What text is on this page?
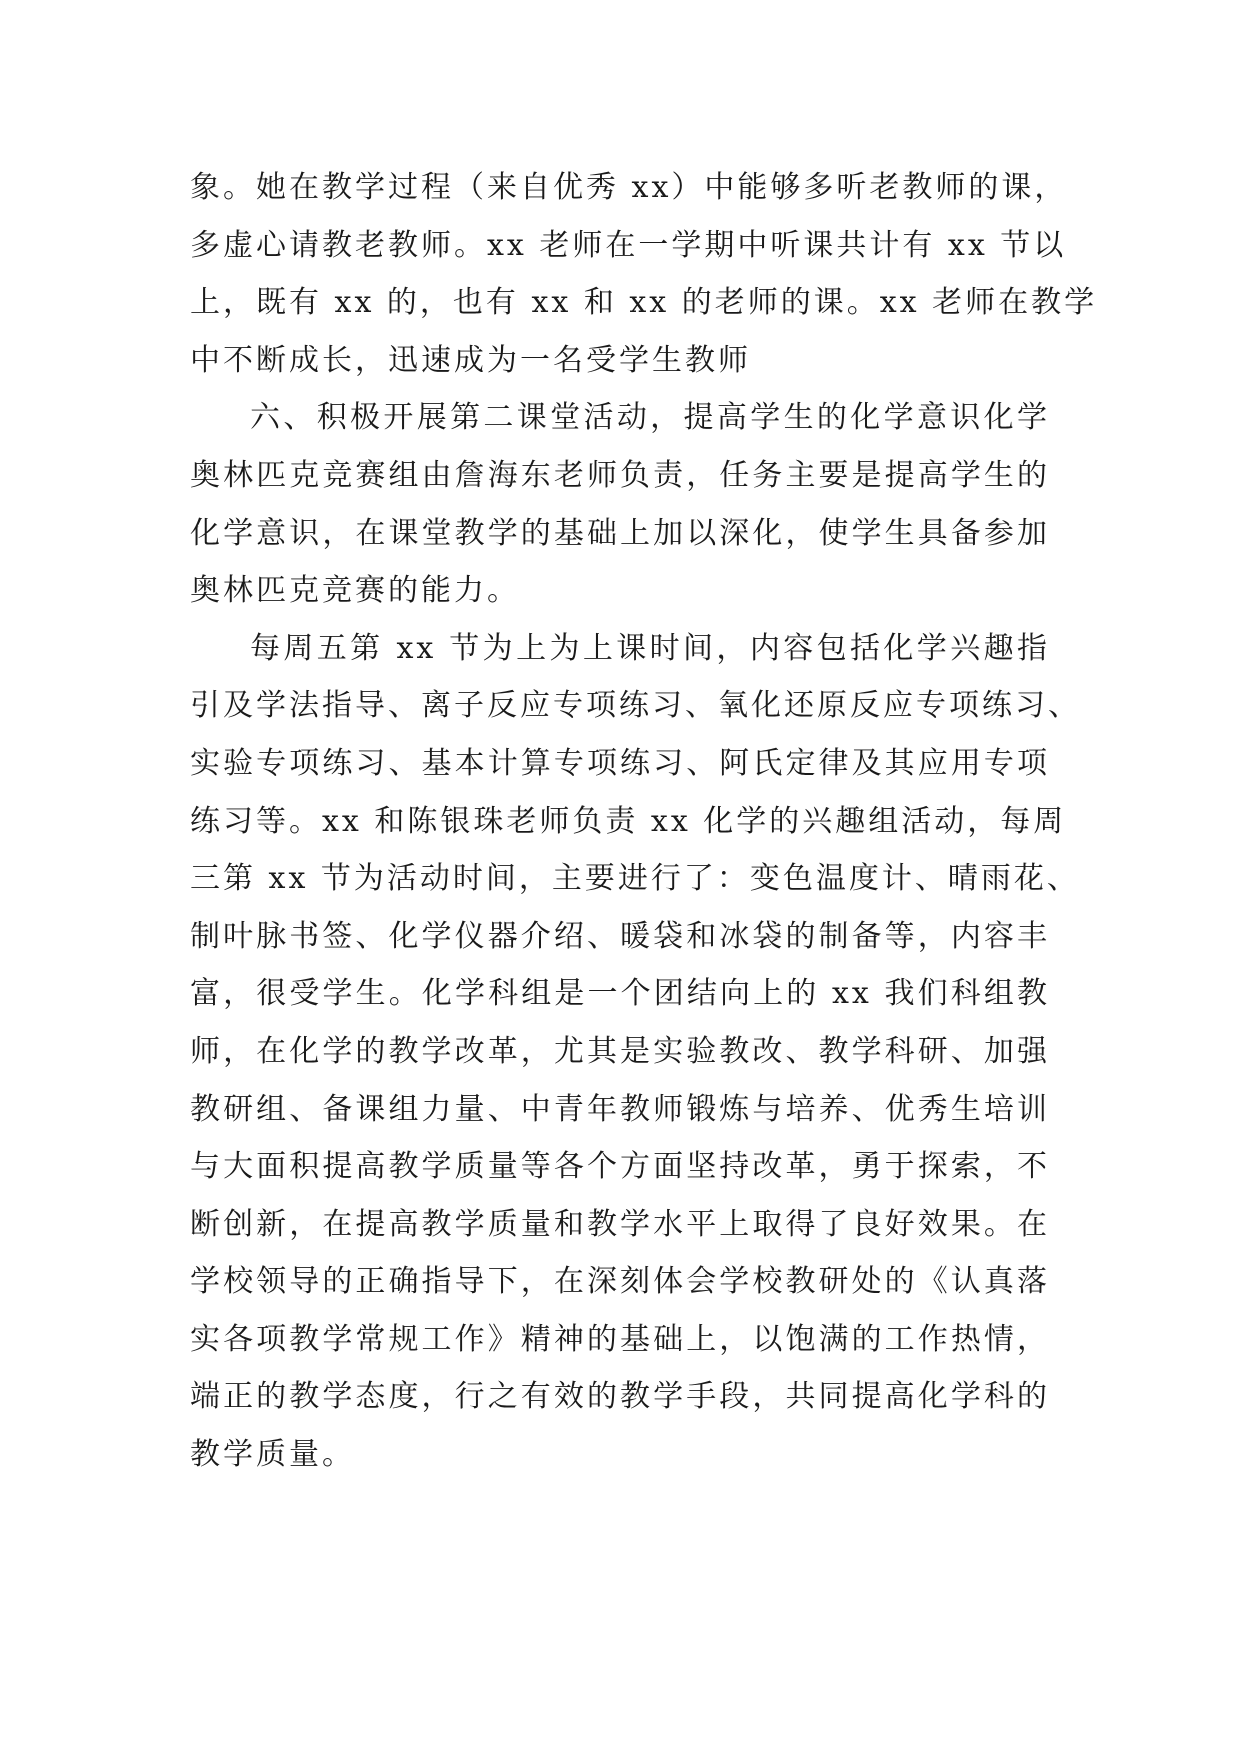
象。她在教学过程（来自优秀 xx）中能够多听老教师的课，
多虚心请教老教师。xx 老师在一学期中听课共计有 xx 节以
上，既有 xx 的，也有 xx 和 xx 的老师的课。xx 老师在教学
中不断成长，迅速成为一名受学生教师
六、积极开展第二课堂活动，提高学生的化学意识化学
奥林匹克竞赛组由詹海东老师负责，任务主要是提高学生的
化学意识，在课堂教学的基础上加以深化，使学生具备参加
奥林匹克竞赛的能力。
每周五第 xx 节为上为上课时间，内容包括化学兴趣指
引及学法指导、离子反应专项练习、氧化还原反应专项练习、
实验专项练习、基本计算专项练习、阿氏定律及其应用专项
练习等。xx 和陈银珠老师负责 xx 化学的兴趣组活动，每周
三第 xx 节为活动时间，主要进行了：变色温度计、晴雨花、
制叶脉书签、化学仪器介绍、暖袋和冰袋的制备等，内容丰
富，很受学生。化学科组是一个团结向上的 xx 我们科组教
师，在化学的教学改革，尤其是实验教改、教学科研、加强
教研组、备课组力量、中青年教师锻炼与培养、优秀生培训
与大面积提高教学质量等各个方面坚持改革，勇于探索，不
断创新，在提高教学质量和教学水平上取得了良好效果。在
学校领导的正确指导下，在深刻体会学校教研处的《认真落
实各项教学常规工作》精神的基础上，以饱满的工作热情，
端正的教学态度，行之有效的教学手段，共同提高化学科的
教学质量。
